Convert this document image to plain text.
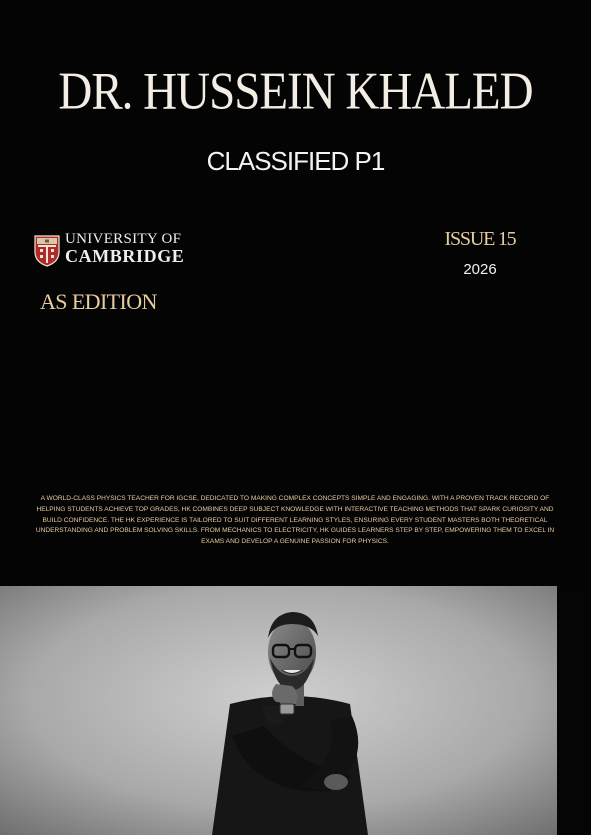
DR. HUSSEIN KHALED
CLASSIFIED P1
UNIVERSITY OF
CAMBRIDGE
AS EDITION
ISSUE 15
2026
A WORLD-CLASS PHYSICS TEACHER FOR IGCSE, DEDICATED TO MAKING COMPLEX CONCEPTS SIMPLE AND ENGAGING. WITH A PROVEN TRACK RECORD OF HELPING STUDENTS ACHIEVE TOP GRADES, HK COMBINES DEEP SUBJECT KNOWLEDGE WITH INTERACTIVE TEACHING METHODS THAT SPARK CURIOSITY AND BUILD CONFIDENCE. THE HK EXPERIENCE IS TAILORED TO SUIT DIFFERENT LEARNING STYLES, ENSURING EVERY STUDENT MASTERS BOTH THEORETICAL UNDERSTANDING AND PROBLEM SOLVING SKILLS. FROM MECHANICS TO ELECTRICITY, HK GUIDES LEARNERS STEP BY STEP, EMPOWERING THEM TO EXCEL IN EXAMS AND DEVELOP A GENUINE PASSION FOR PHYSICS.
